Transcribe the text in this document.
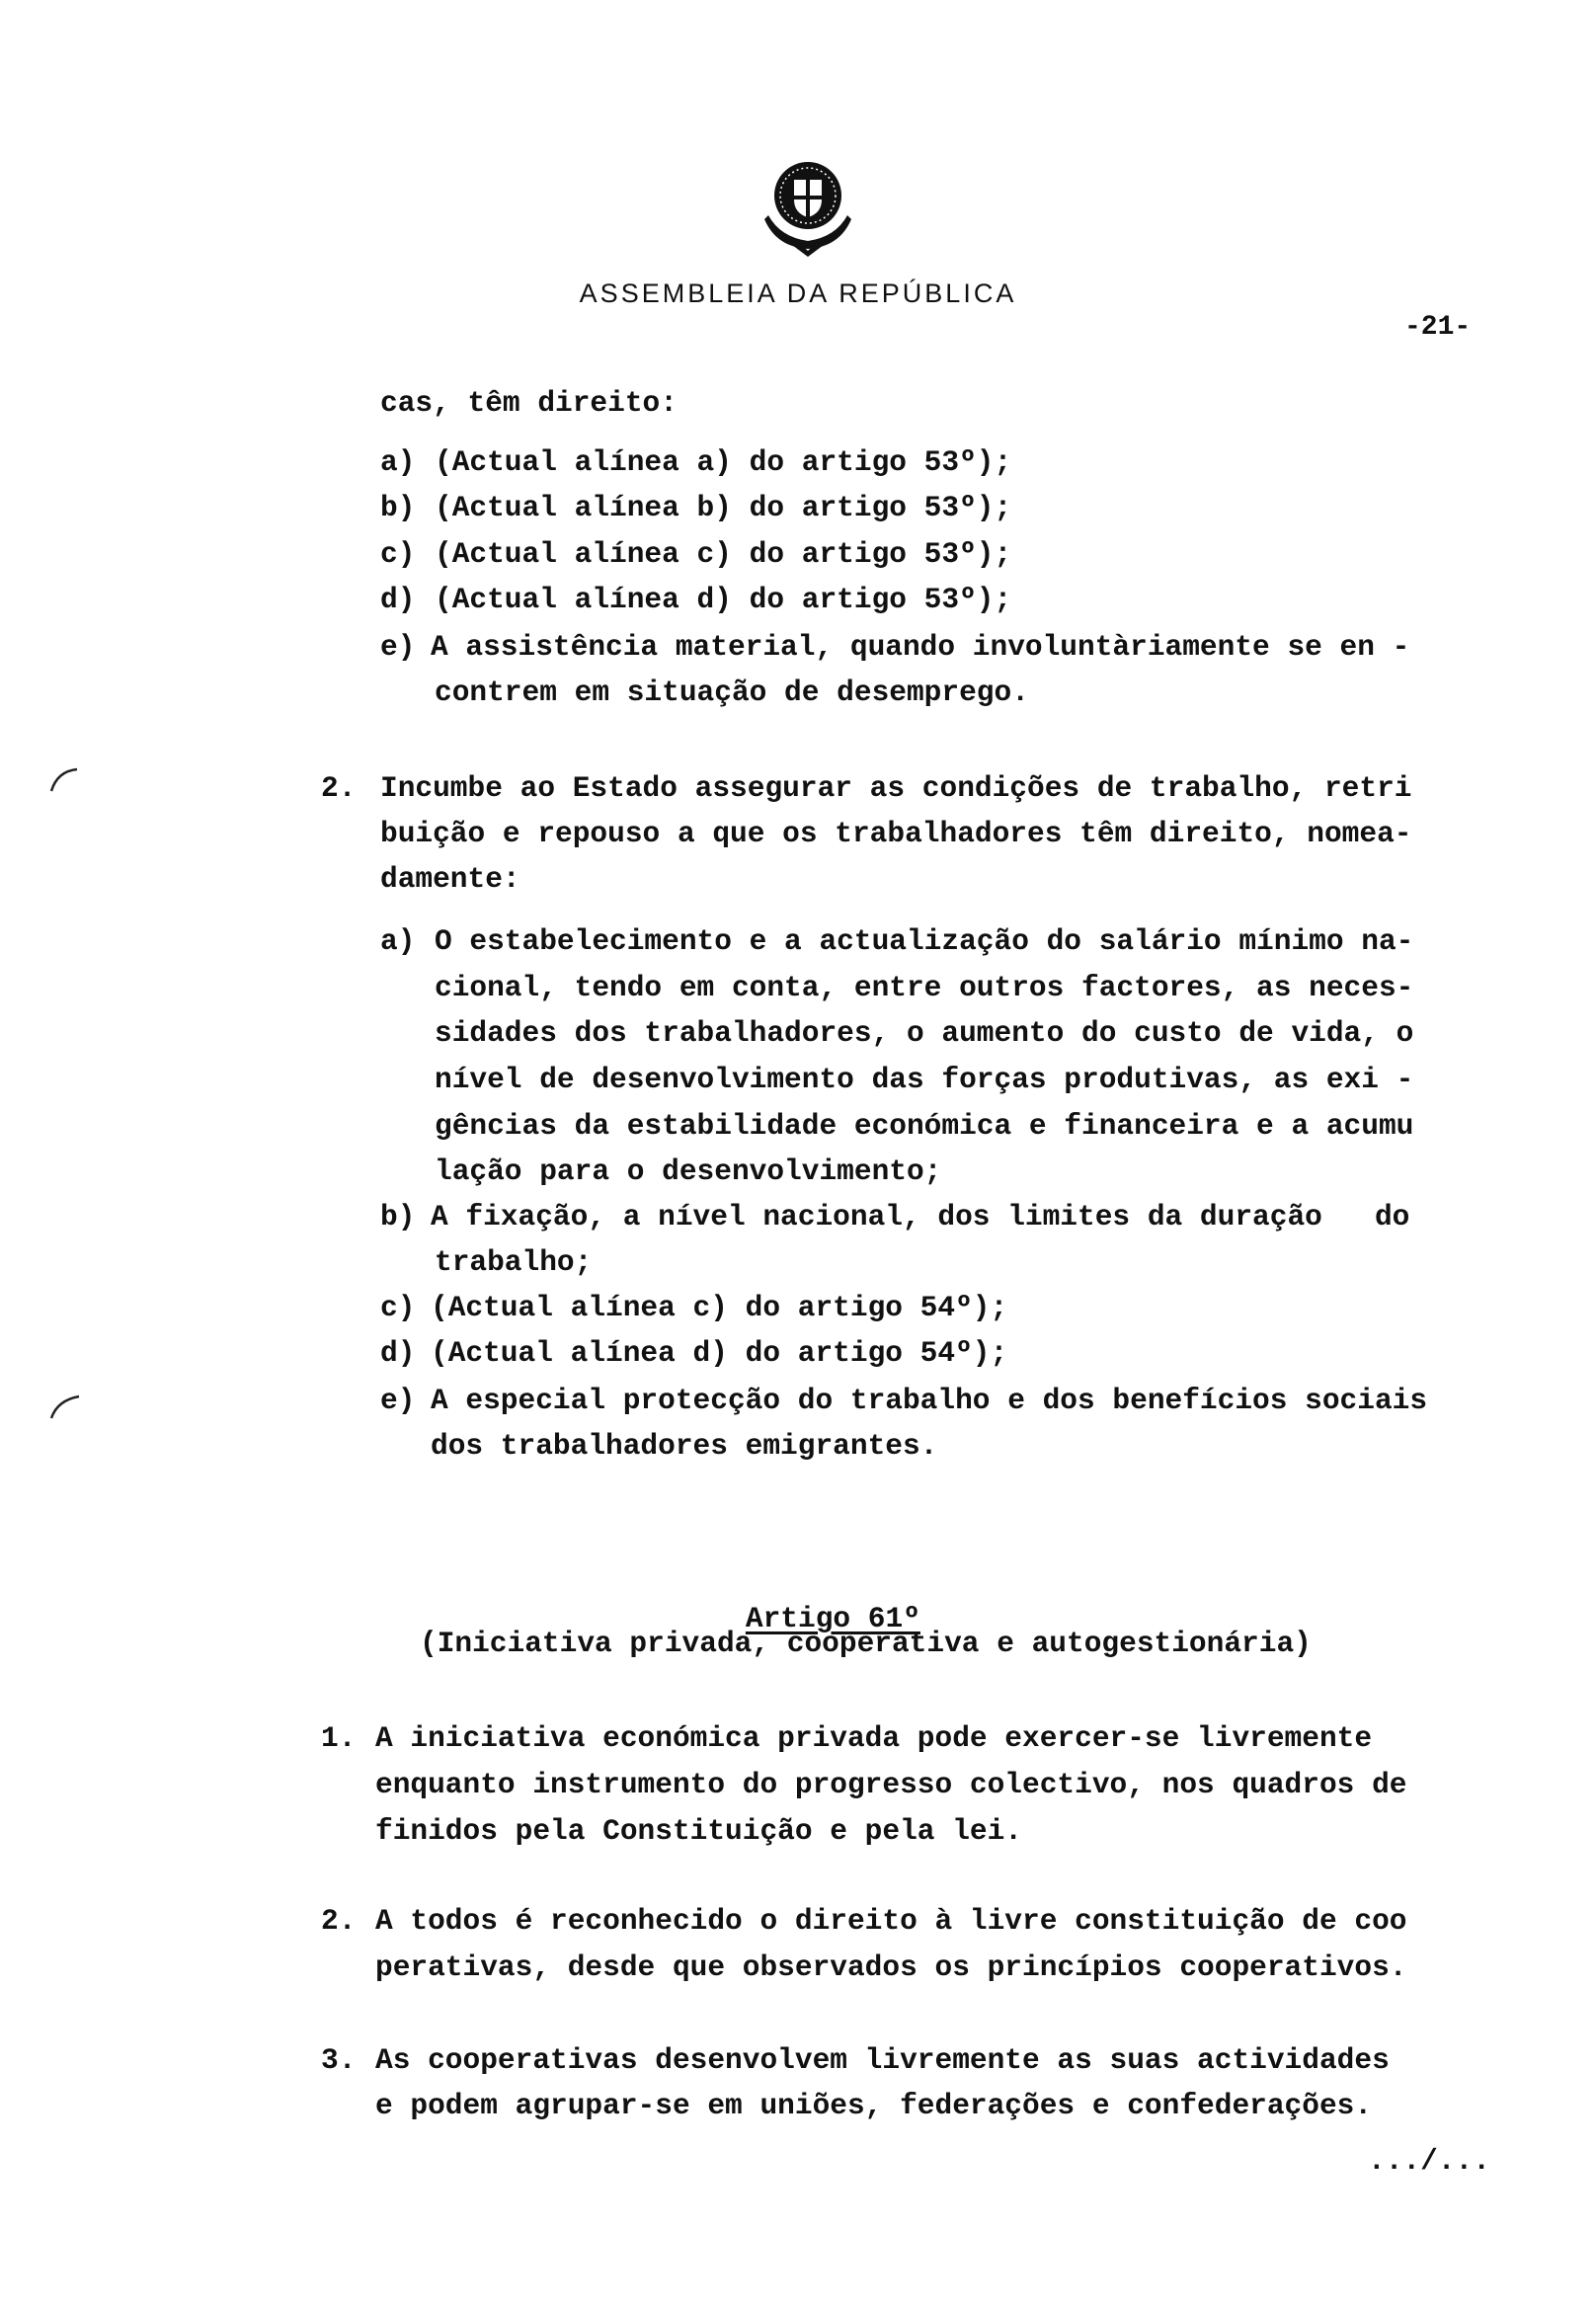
ASSEMBLEIA DA REPÚBLICA
-21-
cas, têm direito:
a) (Actual alínea a) do artigo 53º);
b) (Actual alínea b) do artigo 53º);
c) (Actual alínea c) do artigo 53º);
d) (Actual alínea d) do artigo 53º);
e) A assistência material, quando involuntàriamente se en -
contrem em situação de desemprego.
2. Incumbe ao Estado assegurar as condições de trabalho, retri
buição e repouso a que os trabalhadores têm direito, nomea-
damente:
a) O estabelecimento e a actualização do salário mínimo na-
cional, tendo em conta, entre outros factores, as neces-
sidades dos trabalhadores, o aumento do custo de vida, o
nível de desenvolvimento das forças produtivas, as exi -
gências da estabilidade económica e financeira e a acumu
lação para o desenvolvimento;
b) A fixação, a nível nacional, dos limites da duração   do
trabalho;
c) (Actual alínea c) do artigo 54º);
d) (Actual alínea d) do artigo 54º);
e) A especial protecção do trabalho e dos benefícios sociais
dos trabalhadores emigrantes.

Artigo 61º

(Iniciativa privada, cooperativa e autogestionária)
1. A iniciativa económica privada pode exercer-se livremente
enquanto instrumento do progresso colectivo, nos quadros de
finidos pela Constituição e pela lei.
2. A todos é reconhecido o direito à livre constituição de coo
perativas, desde que observados os princípios cooperativos.
3. As cooperativas desenvolvem livremente as suas actividades
e podem agrupar-se em uniões, federações e confederações.
.../...
